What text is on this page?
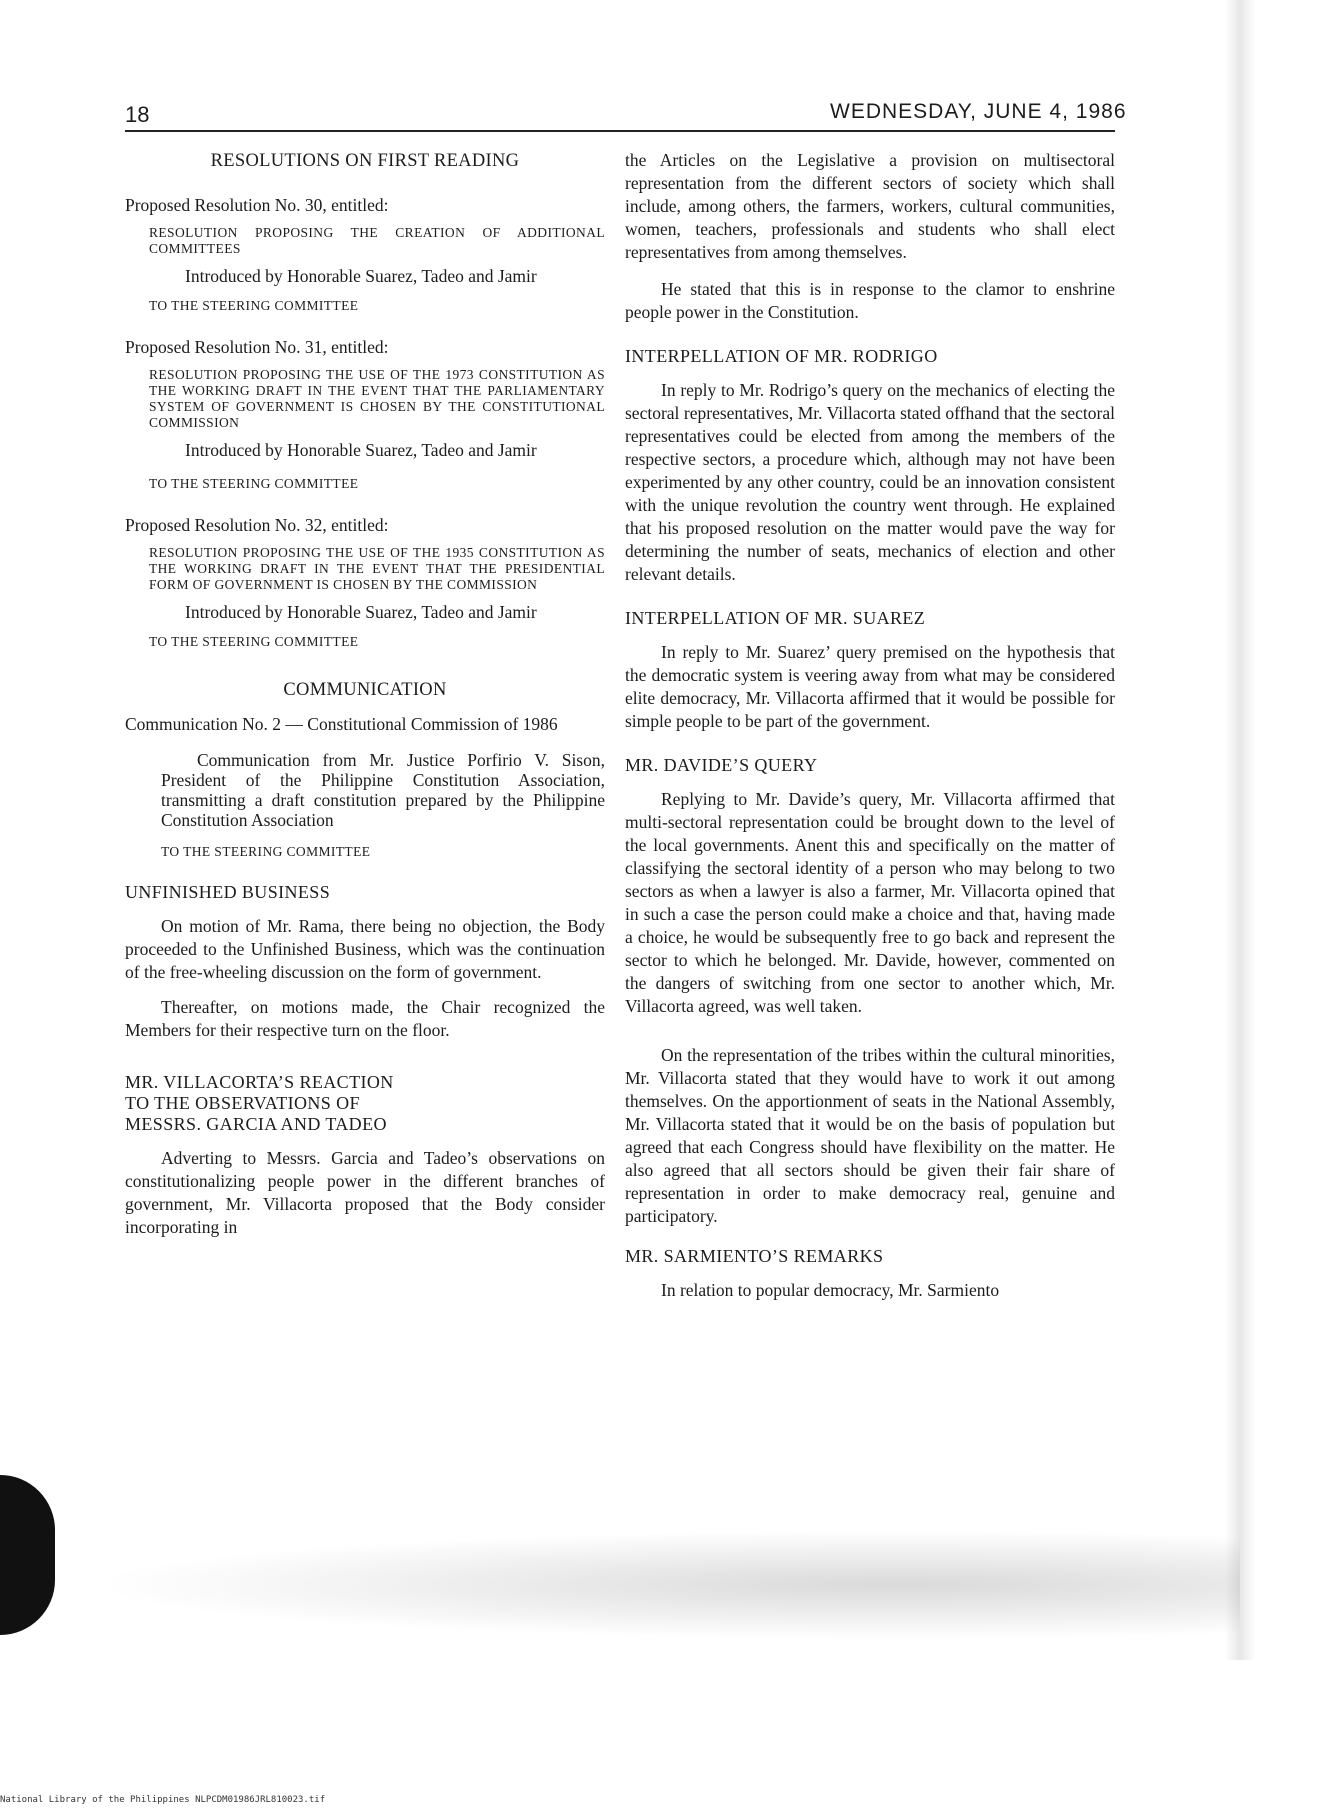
18	WEDNESDAY, JUNE 4, 1986

RESOLUTIONS ON FIRST READING

Proposed Resolution No. 30, entitled:

RESOLUTION PROPOSING THE CREATION OF ADDITIONAL COMMITTEES

Introduced by Honorable Suarez, Tadeo and Jamir

TO THE STEERING COMMITTEE

Proposed Resolution No. 31, entitled:

RESOLUTION PROPOSING THE USE OF THE 1973 CONSTITUTION AS THE WORKING DRAFT IN THE EVENT THAT THE PARLIAMENTARY SYSTEM OF GOVERNMENT IS CHOSEN BY THE CONSTITUTIONAL COMMISSION

Introduced by Honorable Suarez, Tadeo and Jamir

TO THE STEERING COMMITTEE

Proposed Resolution No. 32, entitled:

RESOLUTION PROPOSING THE USE OF THE 1935 CONSTITUTION AS THE WORKING DRAFT IN THE EVENT THAT THE PRESIDENTIAL FORM OF GOVERNMENT IS CHOSEN BY THE COMMISSION

Introduced by Honorable Suarez, Tadeo and Jamir

TO THE STEERING COMMITTEE

COMMUNICATION

Communication No. 2 — Constitutional Commission of 1986

Communication from Mr. Justice Porfirio V. Sison, President of the Philippine Constitution Association, transmitting a draft constitution prepared by the Philippine Constitution Association

TO THE STEERING COMMITTEE

UNFINISHED BUSINESS

On motion of Mr. Rama, there being no objection, the Body proceeded to the Unfinished Business, which was the continuation of the free-wheeling discussion on the form of government.

Thereafter, on motions made, the Chair recognized the Members for their respective turn on the floor.

MR. VILLACORTA’S REACTION

TO THE OBSERVATIONS OF

MESSRS. GARCIA AND TADEO

Adverting to Messrs. Garcia and Tadeo’s observations on constitutionalizing people power in the different branches of government, Mr. Villacorta proposed that the Body consider incorporating in

the Articles on the Legislative a provision on multisectoral representation from the different sectors of society which shall include, among others, the farmers, workers, cultural communities, women, teachers, professionals and students who shall elect representatives from among themselves.

He stated that this is in response to the clamor to enshrine people power in the Constitution.

INTERPELLATION OF MR. RODRIGO

In reply to Mr. Rodrigo’s query on the mechanics of electing the sectoral representatives, Mr. Villacorta stated offhand that the sectoral representatives could be elected from among the members of the respective sectors, a procedure which, although may not have been experimented by any other country, could be an innovation consistent with the unique revolution the country went through. He explained that his proposed resolution on the matter would pave the way for determining the number of seats, mechanics of election and other relevant details.

INTERPELLATION OF MR. SUAREZ

In reply to Mr. Suarez’ query premised on the hypothesis that the democratic system is veering away from what may be considered elite democracy, Mr. Villacorta affirmed that it would be possible for simple people to be part of the government.

MR. DAVIDE’S QUERY

Replying to Mr. Davide’s query, Mr. Villacorta affirmed that multi-sectoral representation could be brought down to the level of the local governments. Anent this and specifically on the matter of classifying the sectoral identity of a person who may belong to two sectors as when a lawyer is also a farmer, Mr. Villacorta opined that in such a case the person could make a choice and that, having made a choice, he would be subsequently free to go back and represent the sector to which he belonged. Mr. Davide, however, commented on the dangers of switching from one sector to another which, Mr. Villacorta agreed, was well taken.

On the representation of the tribes within the cultural minorities, Mr. Villacorta stated that they would have to work it out among themselves. On the apportionment of seats in the National Assembly, Mr. Villacorta stated that it would be on the basis of population but agreed that each Congress should have flexibility on the matter. He also agreed that all sectors should be given their fair share of representation in order to make democracy real, genuine and participatory.

MR. SARMIENTO’S REMARKS

In relation to popular democracy, Mr. Sarmiento

National Library of the Philippines NLPCDM01986JRL810023.tif
